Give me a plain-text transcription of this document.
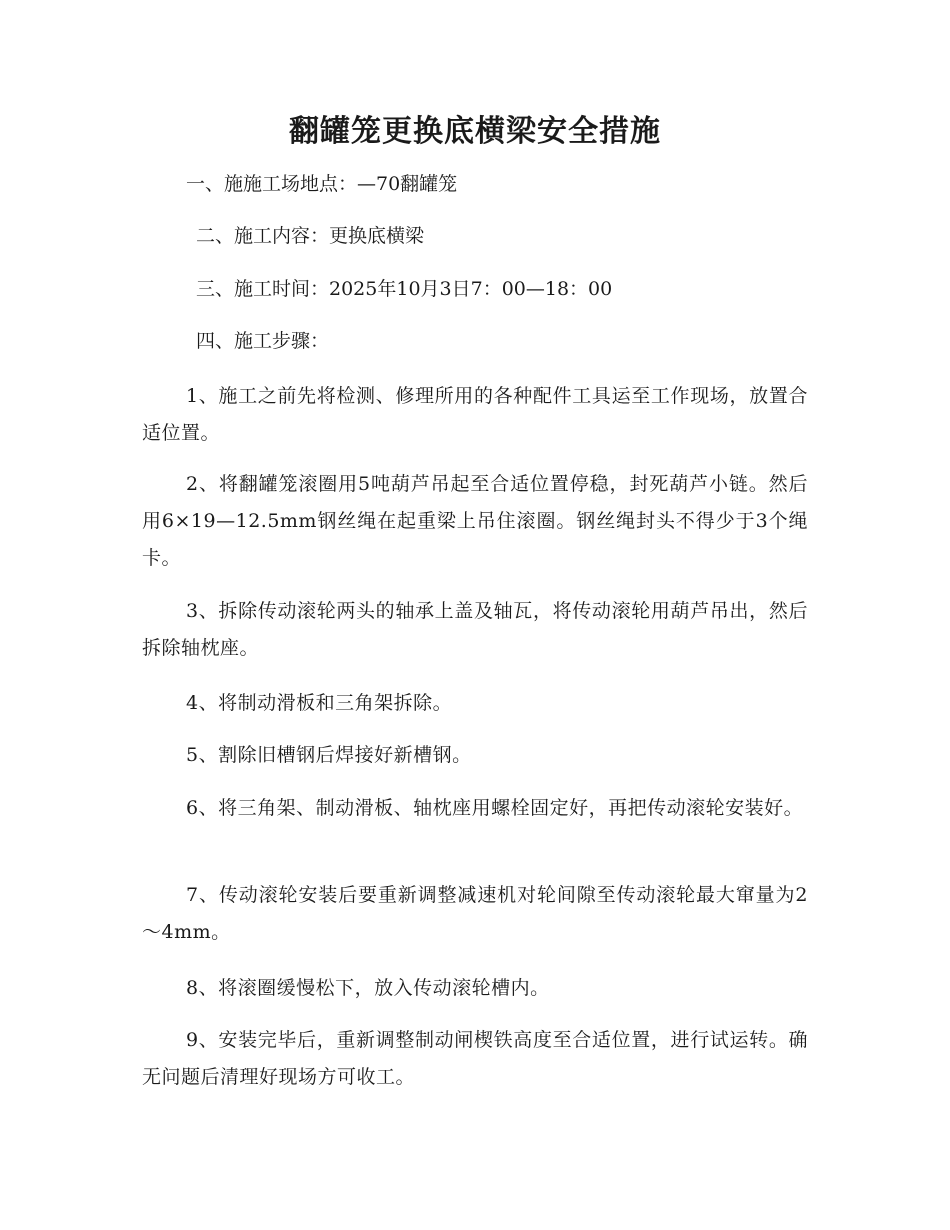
翻罐笼更换底横梁安全措施

一、施施工场地点：—70翻罐笼

二、施工内容：更换底横梁

三、施工时间：2025年10月3日7：00—18：00

四、施工步骤：

1、施工之前先将检测、修理所用的各种配件工具运至工作现场，放置合适位置。

2、将翻罐笼滚圈用5吨葫芦吊起至合适位置停稳，封死葫芦小链。然后用6×19—12.5mm钢丝绳在起重梁上吊住滚圈。钢丝绳封头不得少于3个绳卡。

3、拆除传动滚轮两头的轴承上盖及轴瓦，将传动滚轮用葫芦吊出，然后拆除轴枕座。

4、将制动滑板和三角架拆除。

5、割除旧槽钢后焊接好新槽钢。

6、将三角架、制动滑板、轴枕座用螺栓固定好，再把传动滚轮安装好。

7、传动滚轮安装后要重新调整减速机对轮间隙至传动滚轮最大窜量为2～4mm。

8、将滚圈缓慢松下，放入传动滚轮槽内。

9、安装完毕后，重新调整制动闸楔铁高度至合适位置，进行试运转。确无问题后清理好现场方可收工。
